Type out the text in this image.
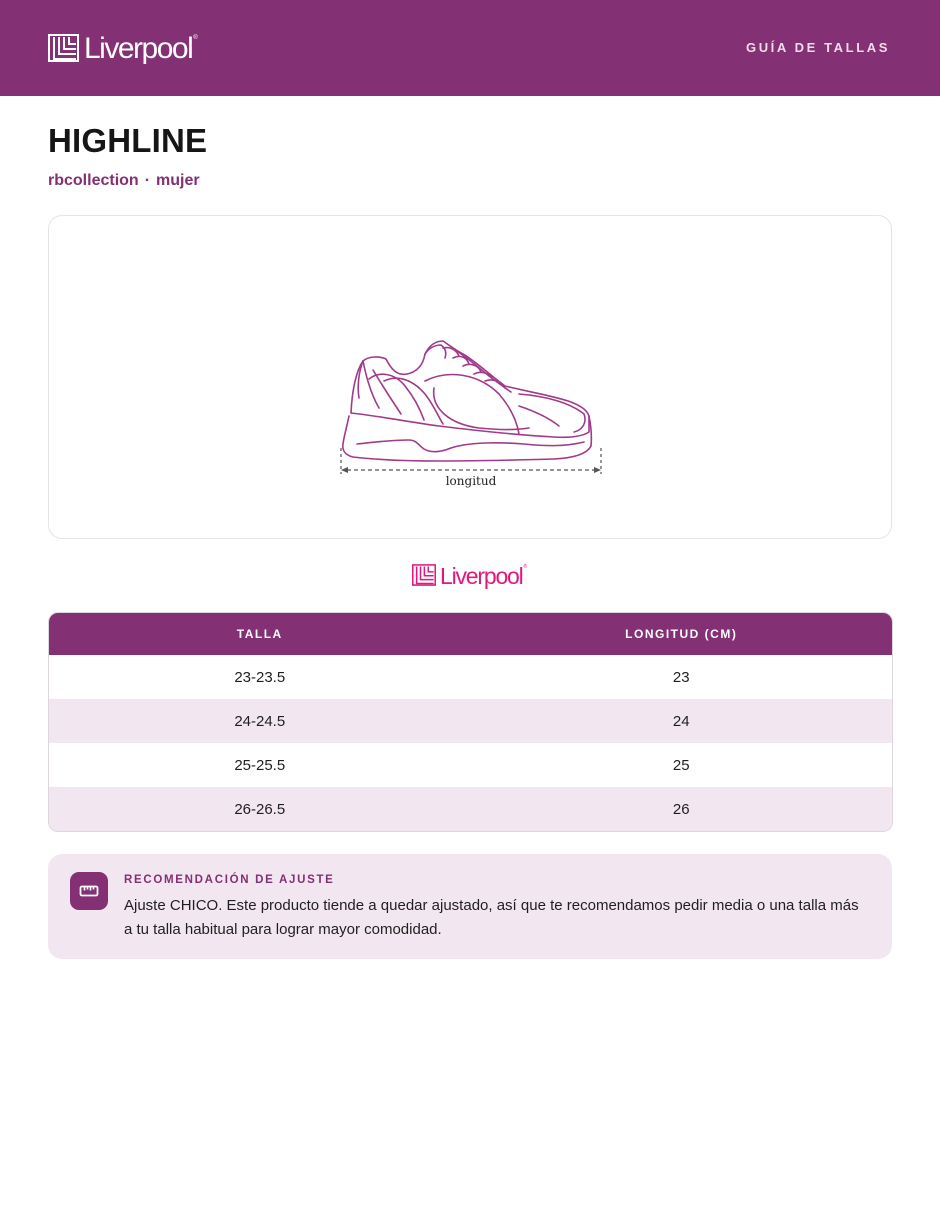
Liverpool ®
GUÍA DE TALLAS
HIGHLINE
rbcollection · mujer
longitud
Liverpool ®
TALLA	LONGITUD (CM)
23-23.5	23
24-24.5	24
25-25.5	25
26-26.5	26
RECOMENDACIÓN DE AJUSTE

Ajuste CHICO. Este producto tiende a quedar ajustado, así que te recomendamos pedir media o una talla más a tu talla habitual para lograr mayor comodidad.
